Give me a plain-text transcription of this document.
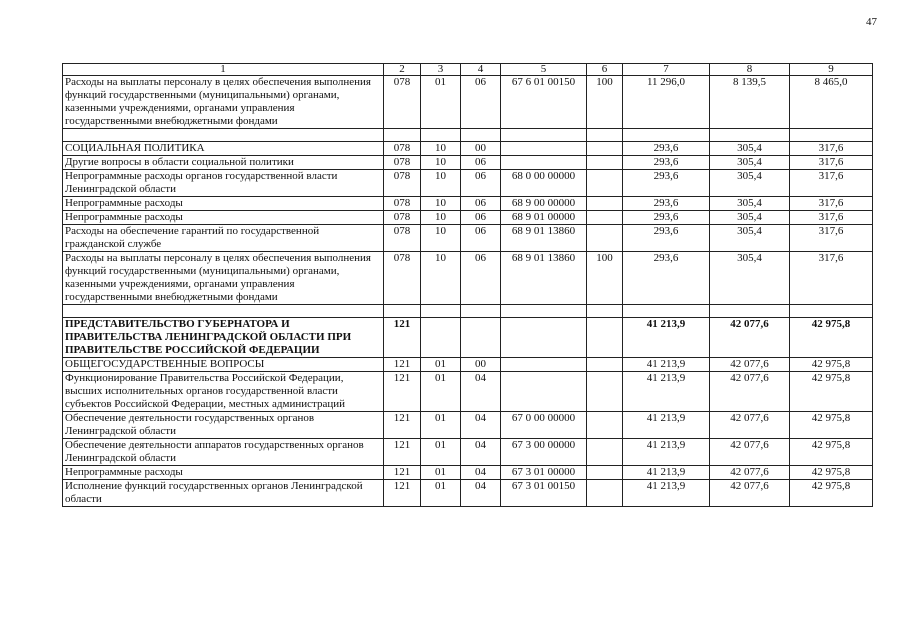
47
1	2	3	4	5	6	7	8	9
Расходы на выплаты персоналу в целях обеспечения выполнения функций государственными (муниципальными) органами, казенными учреждениями, органами управления государственными внебюджетными фондами	078	01	06	67 6 01 00150	100	11 296,0	8 139,5	8 465,0

СОЦИАЛЬНАЯ ПОЛИТИКА	078	10	00			293,6	305,4	317,6
Другие вопросы в области социальной политики	078	10	06			293,6	305,4	317,6
Непрограммные расходы органов государственной власти Ленинградской области	078	10	06	68 0 00 00000		293,6	305,4	317,6
Непрограммные расходы	078	10	06	68 9 00 00000		293,6	305,4	317,6
Непрограммные расходы	078	10	06	68 9 01 00000		293,6	305,4	317,6
Расходы на обеспечение гарантий по государственной гражданской службе	078	10	06	68 9 01 13860		293,6	305,4	317,6
Расходы на выплаты персоналу в целях обеспечения выполнения функций государственными (муниципальными) органами, казенными учреждениями, органами управления государственными внебюджетными фондами	078	10	06	68 9 01 13860	100	293,6	305,4	317,6

ПРЕДСТАВИТЕЛЬСТВО ГУБЕРНАТОРА И ПРАВИТЕЛЬСТВА ЛЕНИНГРАДСКОЙ ОБЛАСТИ ПРИ ПРАВИТЕЛЬСТВЕ РОССИЙСКОЙ ФЕДЕРАЦИИ	121					41 213,9	42 077,6	42 975,8
ОБЩЕГОСУДАРСТВЕННЫЕ ВОПРОСЫ	121	01	00			41 213,9	42 077,6	42 975,8
Функционирование Правительства Российской Федерации, высших исполнительных органов государственной власти субъектов Российской Федерации, местных администраций	121	01	04			41 213,9	42 077,6	42 975,8
Обеспечение деятельности государственных органов Ленинградской области	121	01	04	67 0 00 00000		41 213,9	42 077,6	42 975,8
Обеспечение деятельности аппаратов государственных органов Ленинградской области	121	01	04	67 3 00 00000		41 213,9	42 077,6	42 975,8
Непрограммные расходы	121	01	04	67 3 01 00000		41 213,9	42 077,6	42 975,8
Исполнение функций государственных органов Ленинградской области	121	01	04	67 3 01 00150		41 213,9	42 077,6	42 975,8
